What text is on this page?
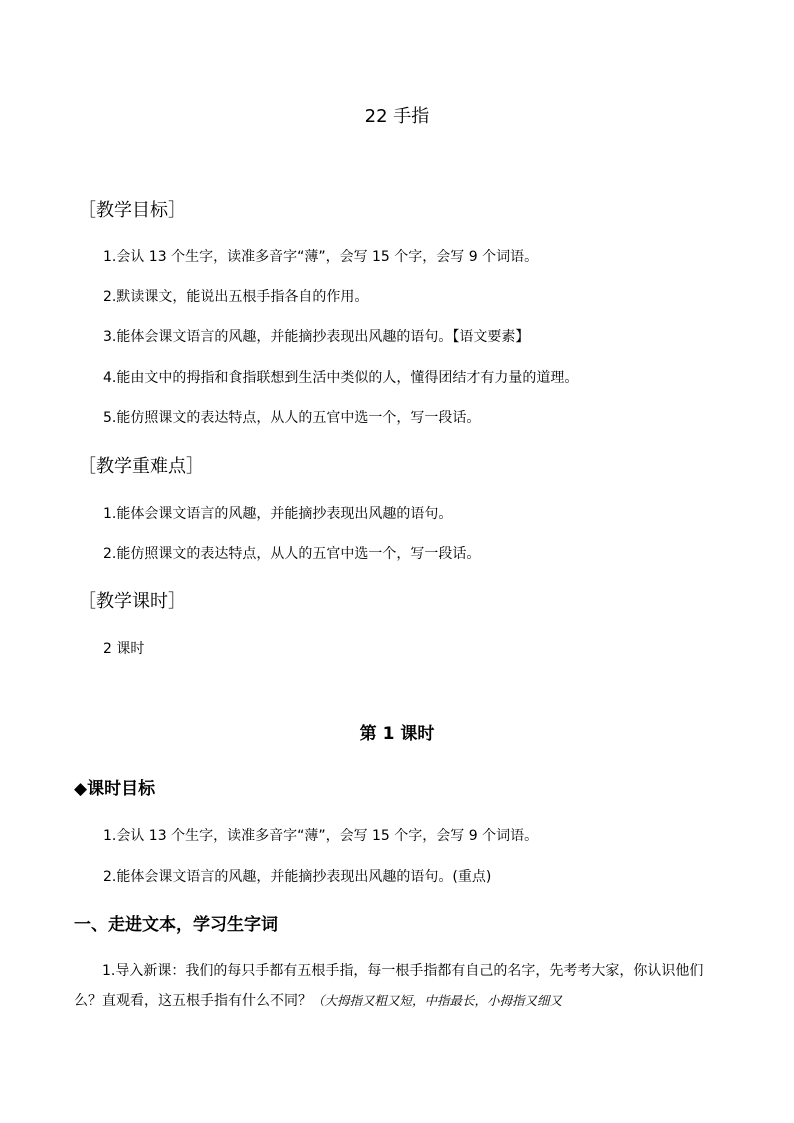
22 手指
［教学目标］
1.会认 13 个生字，读准多音字“薄”，会写 15 个字，会写 9 个词语。
2.默读课文，能说出五根手指各自的作用。
3.能体会课文语言的风趣，并能摘抄表现出风趣的语句。【语文要素】
4.能由文中的拇指和食指联想到生活中类似的人，懂得团结才有力量的道理。
5.能仿照课文的表达特点，从人的五官中选一个，写一段话。
［教学重难点］
1.能体会课文语言的风趣，并能摘抄表现出风趣的语句。
2.能仿照课文的表达特点，从人的五官中选一个，写一段话。
［教学课时］
2 课时
第 1 课时
◆课时目标
1.会认 13 个生字，读准多音字“薄”，会写 15 个字，会写 9 个词语。
2.能体会课文语言的风趣，并能摘抄表现出风趣的语句。(重点)
一、走进文本，学习生字词
1.导入新课：我们的每只手都有五根手指，每一根手指都有自己的名字，先考考大家，你认识他们么？直观看，这五根手指有什么不同？（大拇指又粗又短，中指最长，小拇指又细又
